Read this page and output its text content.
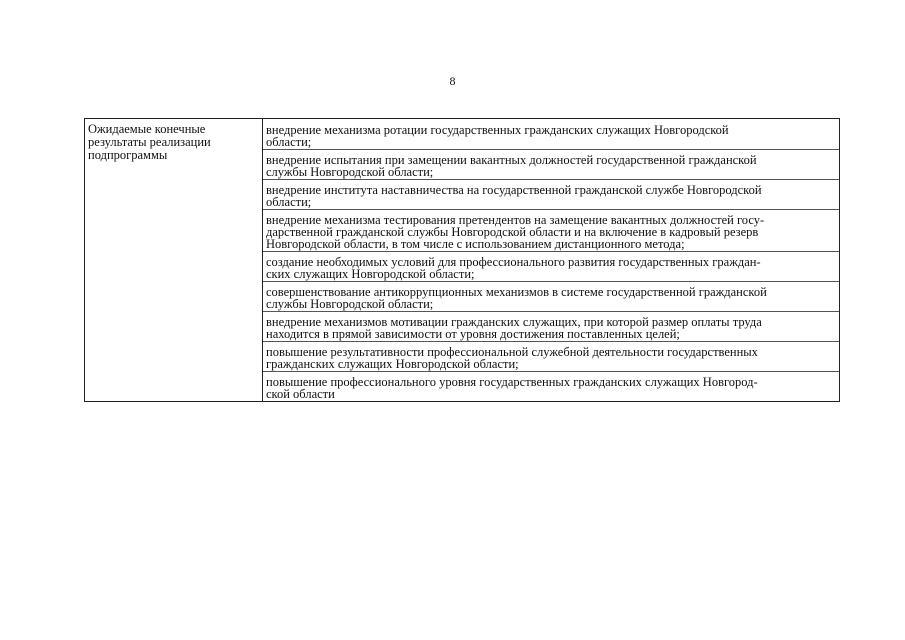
8
Ожидаемые конечные
результаты реализации
подпрограммы
внедрение механизма ротации государственных гражданских служащих Новгородской
области;
внедрение испытания при замещении вакантных должностей государственной гражданской
службы Новгородской области;
внедрение института наставничества на государственной гражданской службе Новгородской
области;
внедрение механизма тестирования претендентов на замещение вакантных должностей госу-
дарственной гражданской службы Новгородской области и на включение в кадровый резерв
Новгородской области, в том числе с использованием дистанционного метода;
создание необходимых условий для профессионального развития государственных граждан-
ских служащих Новгородской области;
совершенствование антикоррупционных механизмов в системе государственной гражданской
службы Новгородской области;
внедрение механизмов мотивации гражданских служащих, при которой размер оплаты труда
находится в прямой зависимости от уровня достижения поставленных целей;
повышение результативности профессиональной служебной деятельности государственных
гражданских служащих Новгородской области;
повышение профессионального уровня государственных гражданских служащих Новгород-
ской области
